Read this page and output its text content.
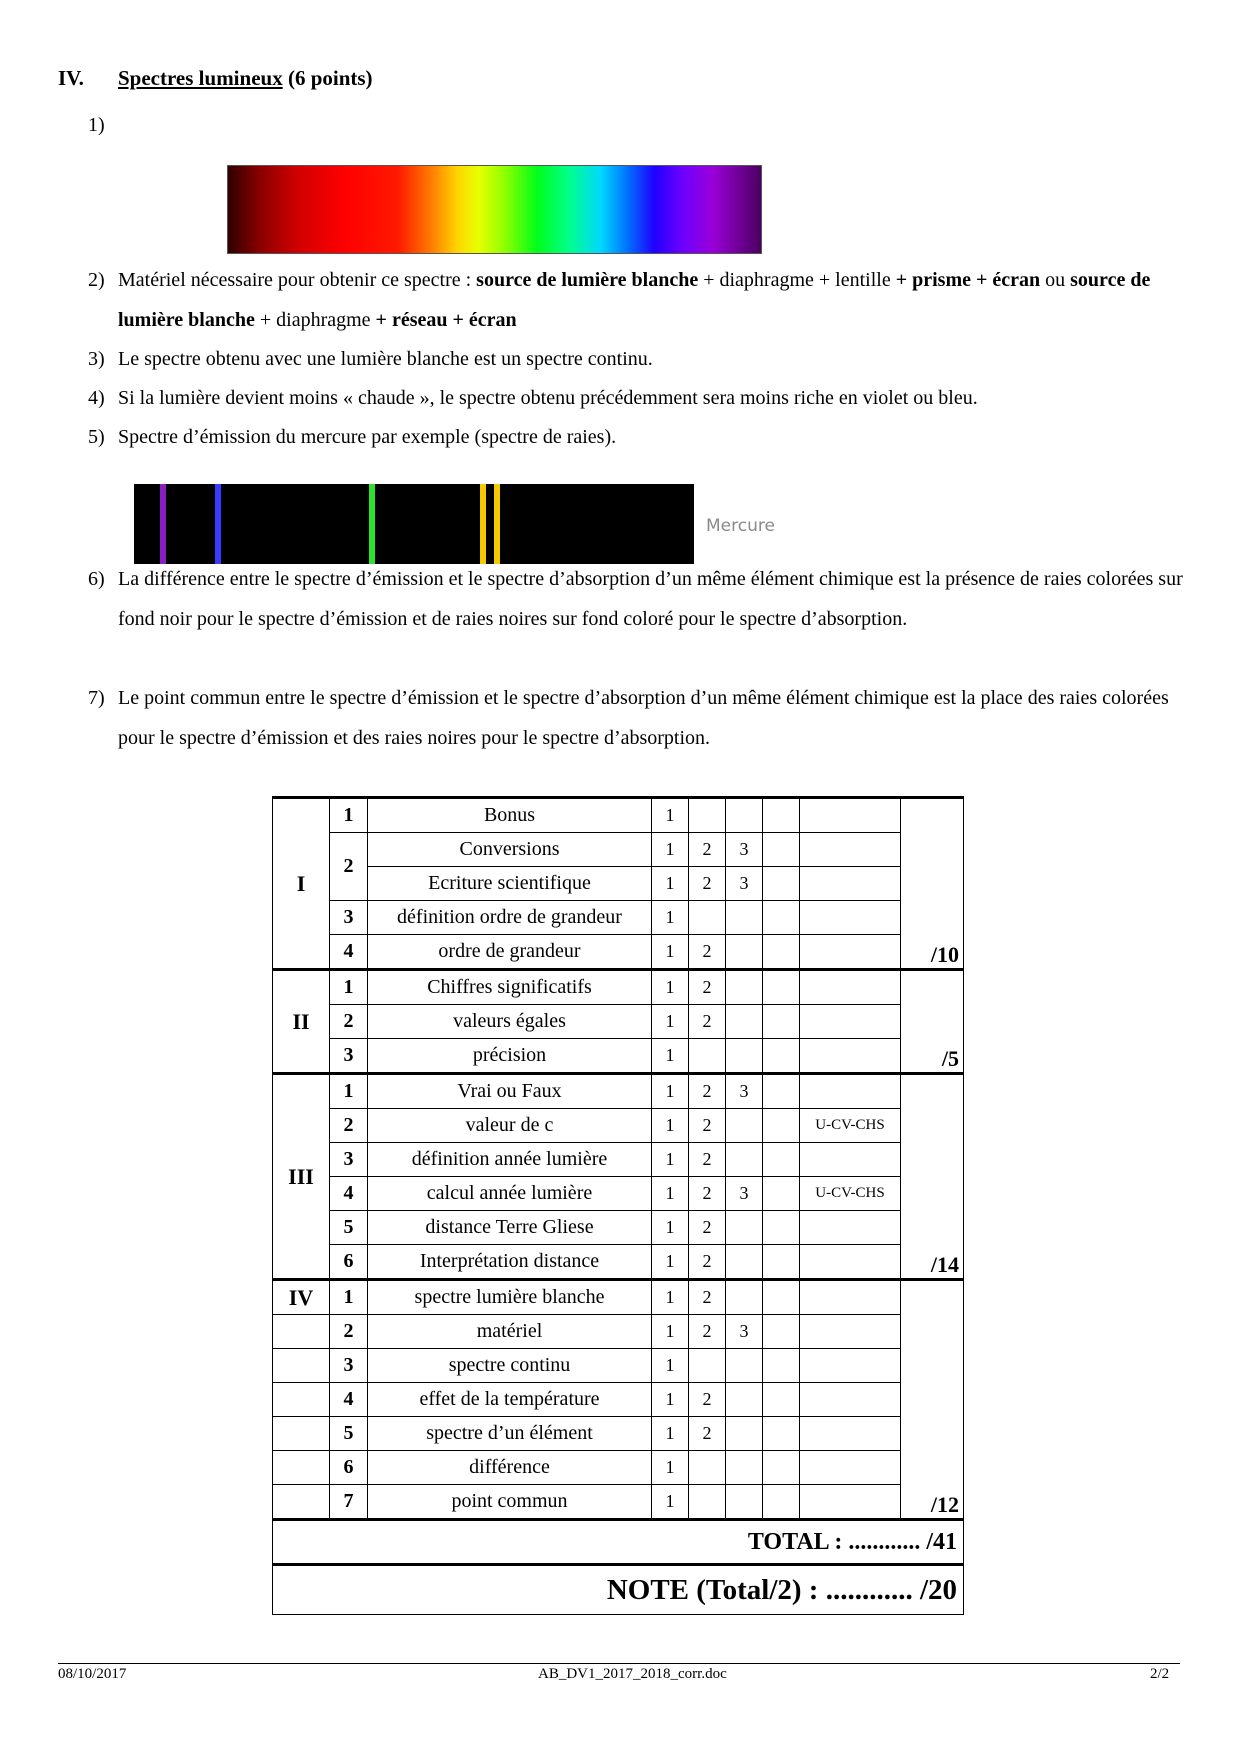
IV. Spectres lumineux (6 points)
1)
2) Matériel nécessaire pour obtenir ce spectre : source de lumière blanche + diaphragme + lentille + prisme + écran ou source de lumière blanche + diaphragme + réseau + écran
3) Le spectre obtenu avec une lumière blanche est un spectre continu.
4) Si la lumière devient moins « chaude », le spectre obtenu précédemment sera moins riche en violet ou bleu.
5) Spectre d’émission du mercure par exemple (spectre de raies).
Mercure
6) La différence entre le spectre d’émission et le spectre d’absorption d’un même élément chimique est la présence de raies colorées sur fond noir pour le spectre d’émission et de raies noires sur fond coloré pour le spectre d’absorption.
7) Le point commun entre le spectre d’émission et le spectre d’absorption d’un même élément chimique est la place des raies colorées pour le spectre d’émission et des raies noires pour le spectre d’absorption.
I	1	Bonus	1					/10
	2	Conversions	1	2	3			
		Ecriture scientifique	1	2	3			
	3	définition ordre de grandeur	1					
	4	ordre de grandeur	1	2				
II	1	Chiffres significatifs	1	2				/5
	2	valeurs égales	1	2				
	3	précision	1					
III	1	Vrai ou Faux	1	2	3			/14
	2	valeur de c	1	2			U-CV-CHS	
	3	définition année lumière	1	2				
	4	calcul année lumière	1	2	3		U-CV-CHS	
	5	distance Terre Gliese	1	2				
	6	Interprétation distance	1	2				
IV	1	spectre lumière blanche	1	2				/12
	2	matériel	1	2	3			
	3	spectre continu	1					
	4	effet de la température	1	2				
	5	spectre d’un élément	1	2				
	6	différence	1					
	7	point commun	1					
TOTAL : ............ /41								
NOTE (Total/2) : ............ /20								
08/10/2017	AB_DV1_2017_2018_corr.doc	2/2
